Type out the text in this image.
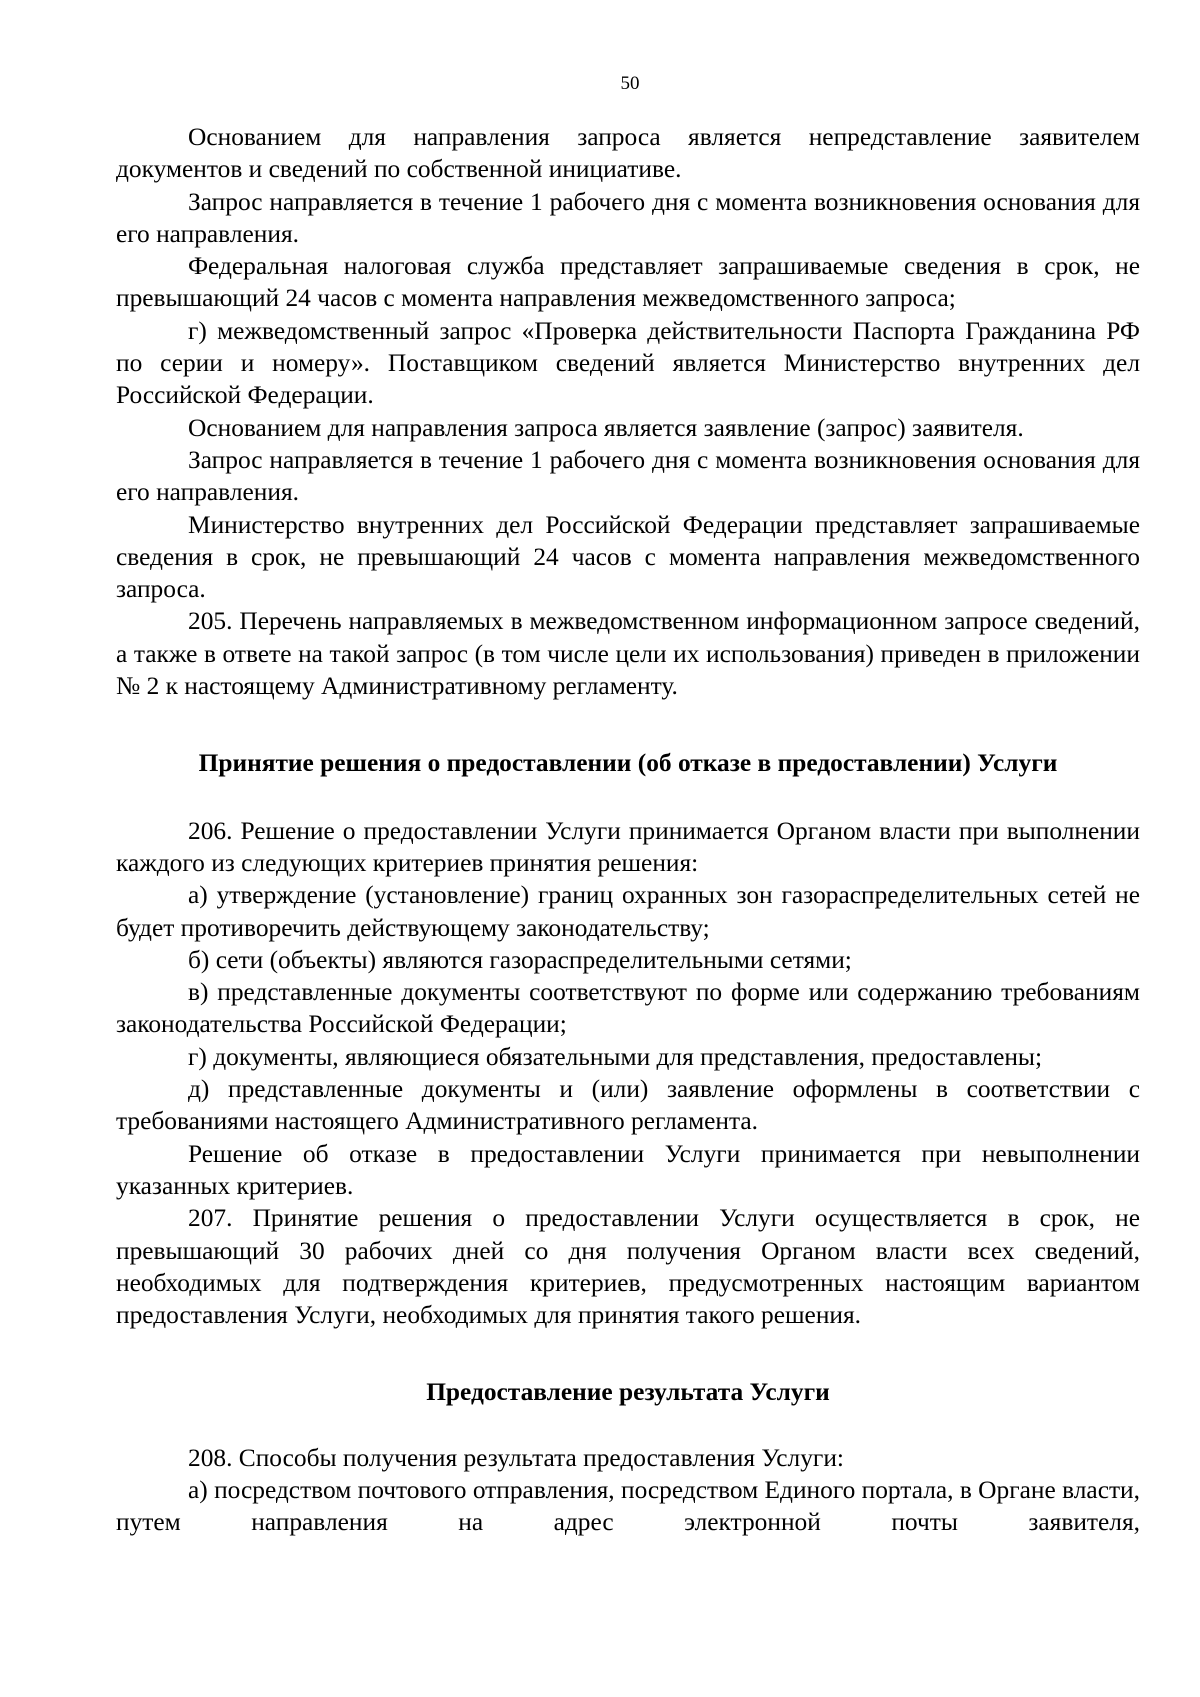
50

Основанием для направления запроса является непредставление заявителем документов и сведений по собственной инициативе.

Запрос направляется в течение 1 рабочего дня с момента возникновения основания для его направления.

Федеральная налоговая служба представляет запрашиваемые сведения в срок, не превышающий 24 часов с момента направления межведомственного запроса;

г) межведомственный запрос «Проверка действительности Паспорта Гражданина РФ по серии и номеру». Поставщиком сведений является Министерство внутренних дел Российской Федерации.

Основанием для направления запроса является заявление (запрос) заявителя.

Запрос направляется в течение 1 рабочего дня с момента возникновения основания для его направления.

Министерство внутренних дел Российской Федерации представляет запрашиваемые сведения в срок, не превышающий 24 часов с момента направления межведомственного запроса.

205. Перечень направляемых в межведомственном информационном запросе сведений, а также в ответе на такой запрос (в том числе цели их использования) приведен в приложении № 2 к настоящему Административному регламенту.

Принятие решения о предоставлении (об отказе в предоставлении) Услуги

206. Решение о предоставлении Услуги принимается Органом власти при выполнении каждого из следующих критериев принятия решения:

а) утверждение (установление) границ охранных зон газораспределительных сетей не будет противоречить действующему законодательству;

б) сети (объекты) являются газораспределительными сетями;

в) представленные документы соответствуют по форме или содержанию требованиям законодательства Российской Федерации;

г) документы, являющиеся обязательными для представления, предоставлены;

д) представленные документы и (или) заявление оформлены в соответствии с требованиями настоящего Административного регламента.

Решение об отказе в предоставлении Услуги принимается при невыполнении указанных критериев.

207. Принятие решения о предоставлении Услуги осуществляется в срок, не превышающий 30 рабочих дней со дня получения Органом власти всех сведений, необходимых для подтверждения критериев, предусмотренных настоящим вариантом предоставления Услуги, необходимых для принятия такого решения.

Предоставление результата Услуги

208. Способы получения результата предоставления Услуги:

а) посредством почтового отправления, посредством Единого портала, в Органе власти, путем направления на адрес электронной почты заявителя,
